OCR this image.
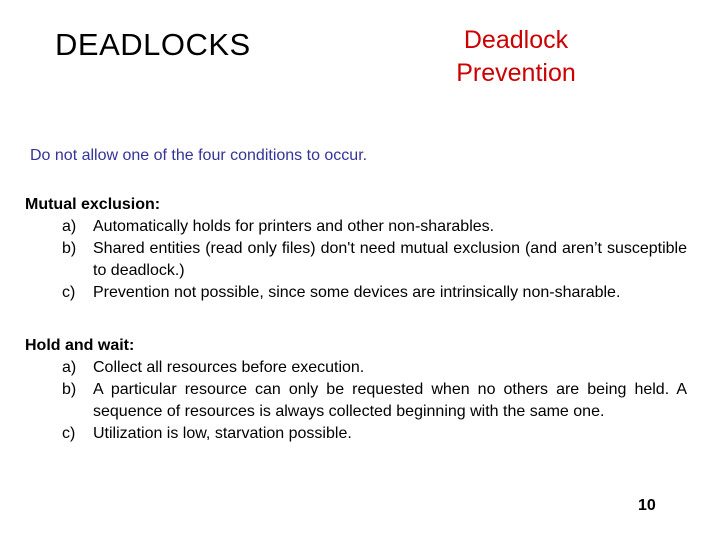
DEADLOCKS	Deadlock
Prevention
Do not allow one of the four conditions to occur.
Mutual exclusion:
a) Automatically holds for printers and other non-sharables.
b) Shared entities (read only files) don't need mutual exclusion (and aren’t susceptible to deadlock.)
c) Prevention not possible, since some devices are intrinsically non-sharable.
Hold and wait:
a) Collect all resources before execution.
b) A particular resource can only be requested when no others are being held. A sequence of resources is always collected beginning with the same one.
c) Utilization is low, starvation possible.
10
